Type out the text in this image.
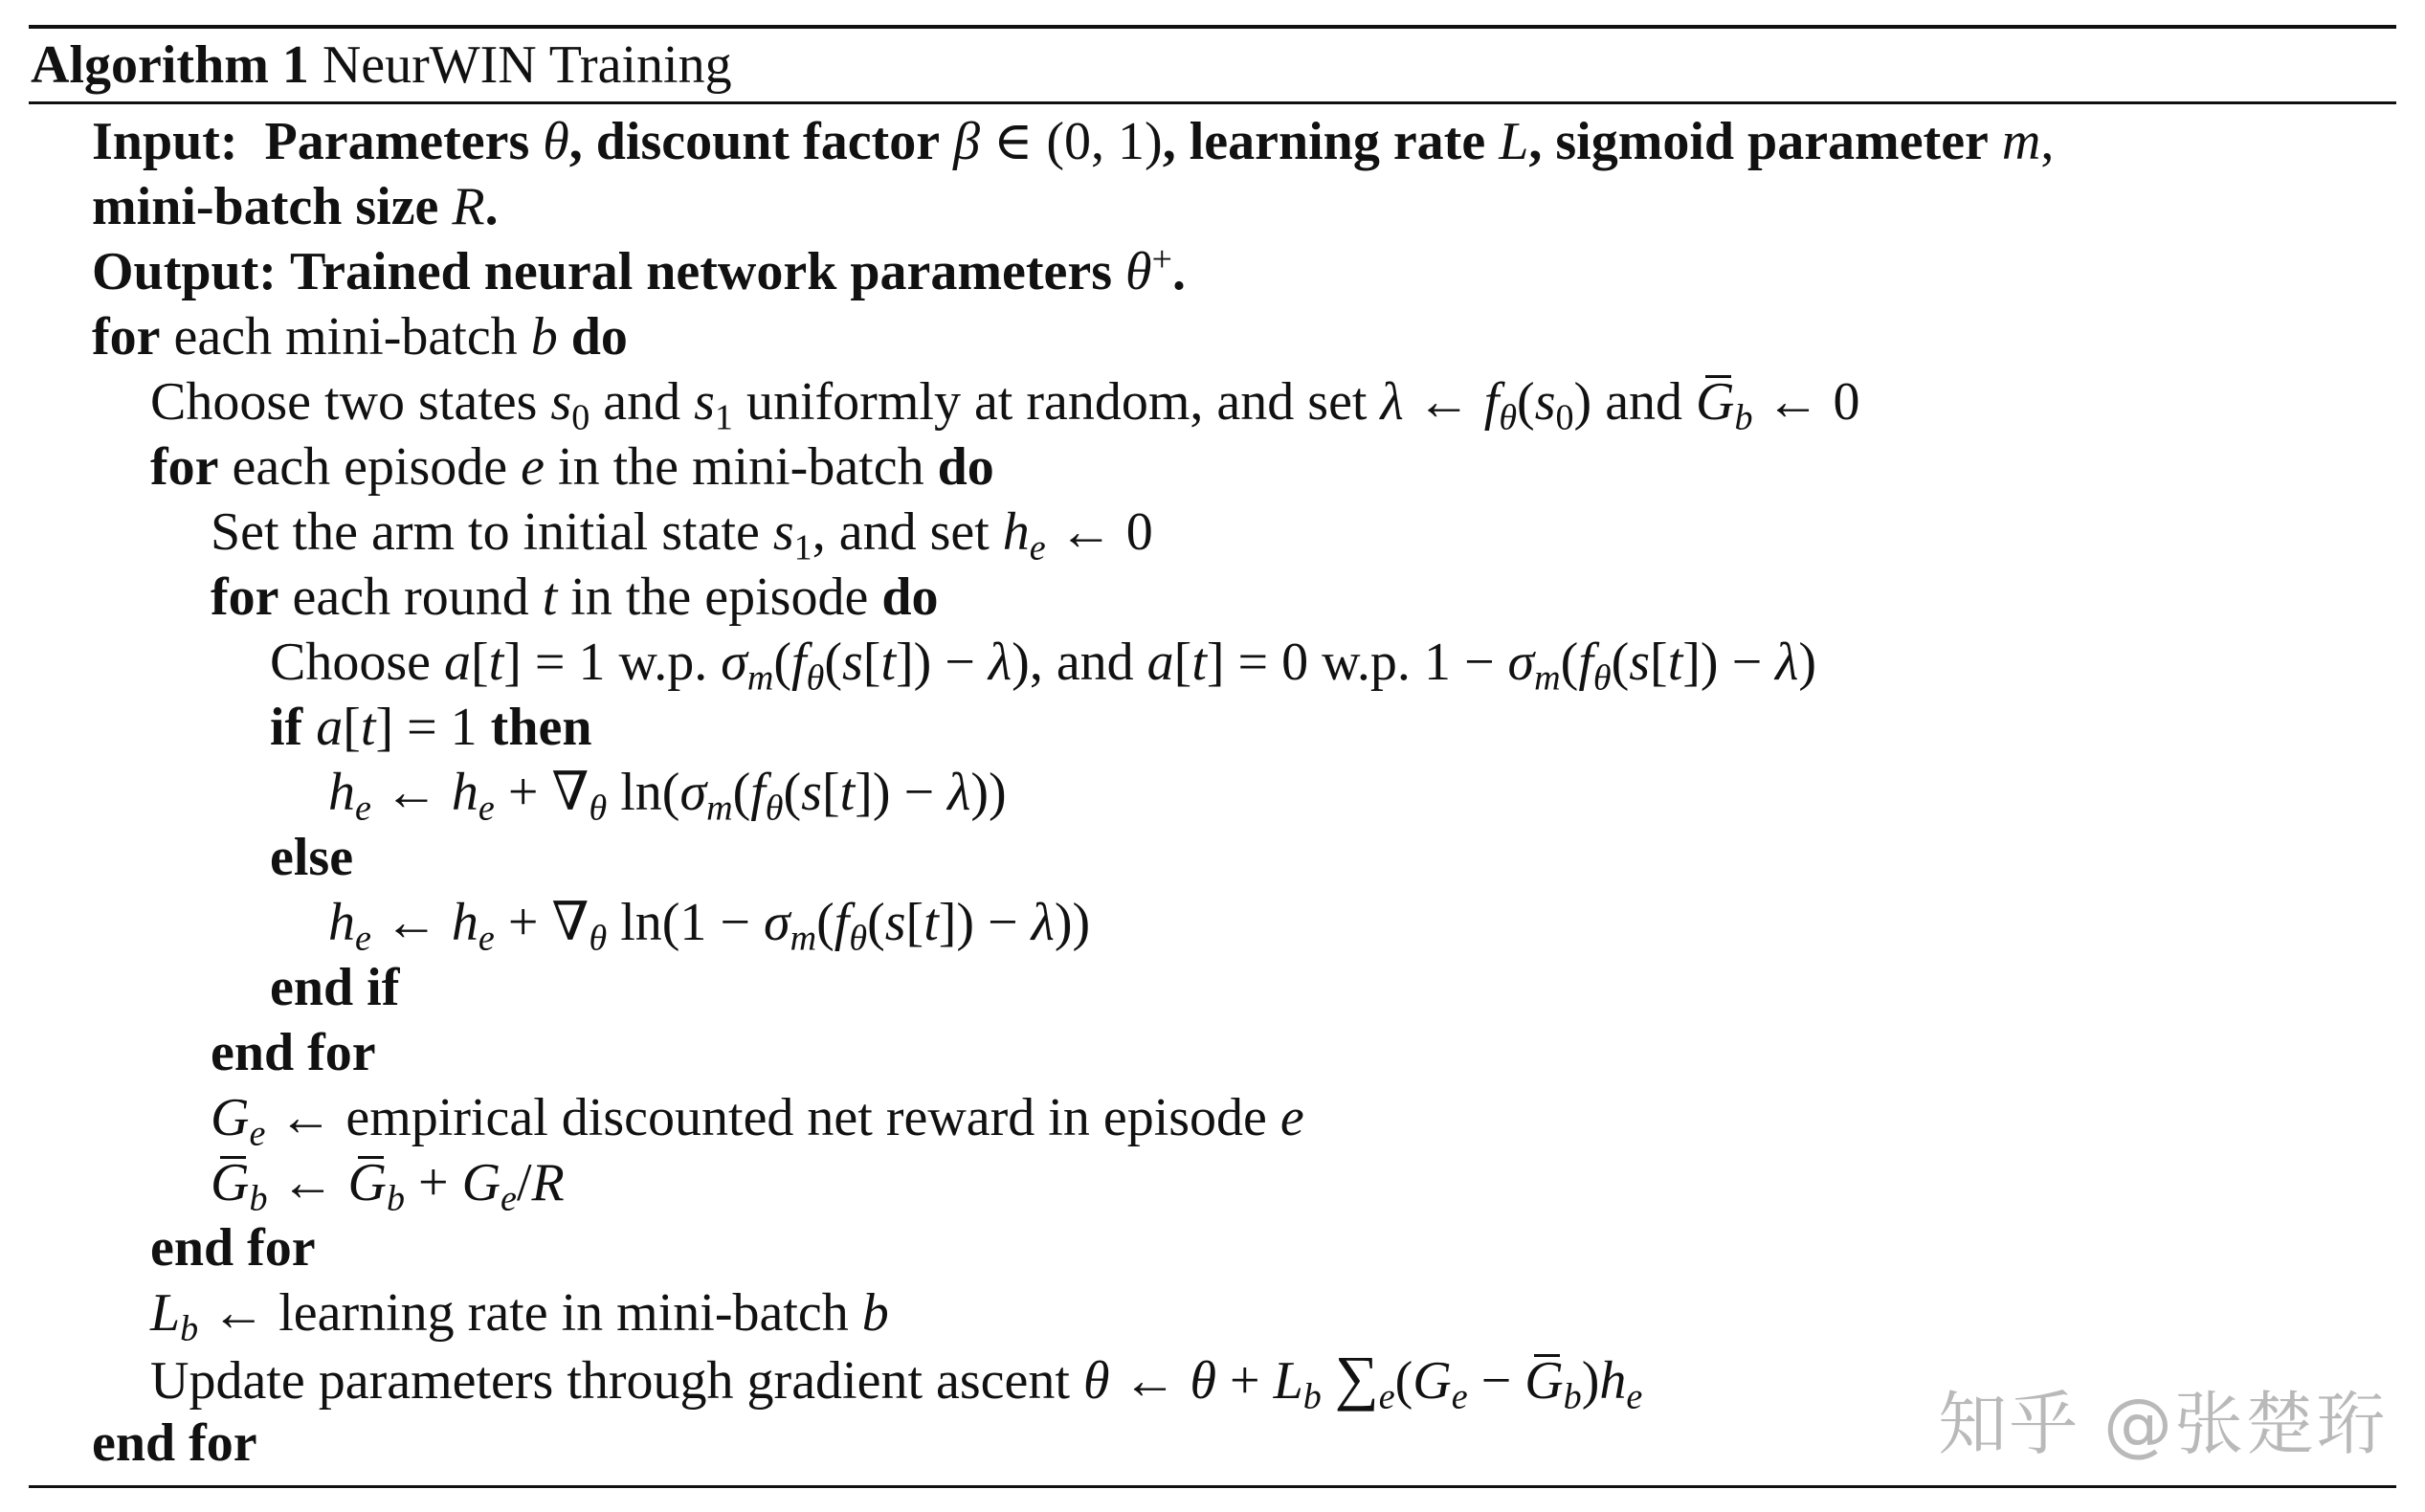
Algorithm 1 NeurWIN Training
Input: Parameters θ, discount factor β ∈ (0, 1), learning rate L, sigmoid parameter m,
mini-batch size R.
Output: Trained neural network parameters θ+.
for each mini-batch b do
Choose two states $s_0$ and $s_1$ uniformly at random, and set λ ← $f_\theta(s_0)$ and $G_b$ ← 0
for each episode e in the mini-batch do
Set the arm to initial state $s_1$, and set $h_e$ ← 0
for each round t in the episode do
Choose a[t] = 1 w.p. $\sigma_m(f_\theta(s[t]) - \lambda)$, and a[t] = 0 w.p. $1 - \sigma_m(f_\theta(s[t]) - \lambda)$
if a[t] = 1 then
$h_e$ ← $h_e + \nabla_\theta$ $\ln(\sigma_m(f_\theta(s[t]) - \lambda))$
else
$h_e$ ← $h_e + \nabla_\theta$ $\ln(1 - \sigma_m(f_\theta(s[t]) - \lambda))$
end if
end for
$G_e$ ← empirical discounted net reward in episode e
$G_b$ ← $G_b + G_e/R$
end for
$L_b$ ← learning rate in mini-batch b
Update parameters through gradient ascent θ ← $\theta + L_b$ $\sum_e(G_e - G_b)h_e$
end for	知乎 @张楚珩
